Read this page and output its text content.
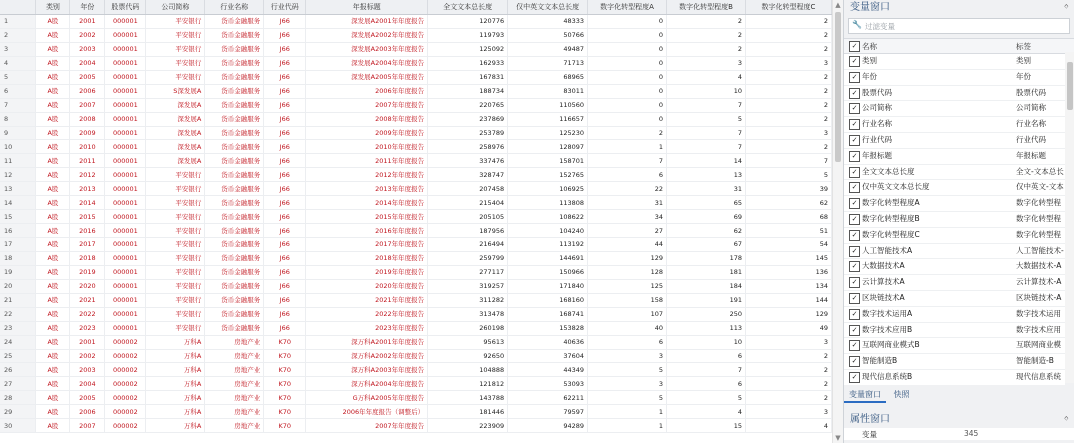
	类别	年份	股票代码	公司简称	行业名称	行业代码	年报标题	全文文本总长度	仅中英文文本总长度	数字化转型程度A	数字化转型程度B	数字化转型程度C
1	A股	2001	000001	平安银行	货币金融服务	J66	深发展A2001年年度报告	120776	48333	0	2	2
2	A股	2002	000001	平安银行	货币金融服务	J66	深发展A2002年年度报告	119793	50766	0	2	2
3	A股	2003	000001	平安银行	货币金融服务	J66	深发展A2003年年度报告	125092	49487	0	2	2
4	A股	2004	000001	平安银行	货币金融服务	J66	深发展A2004年年度报告	162933	71713	0	3	3
5	A股	2005	000001	平安银行	货币金融服务	J66	深发展A2005年年度报告	167831	68965	0	4	2
6	A股	2006	000001	S深发展A	货币金融服务	J66	2006年年度报告	188734	83011	0	10	2
7	A股	2007	000001	深发展A	货币金融服务	J66	2007年年度报告	220765	110560	0	7	2
8	A股	2008	000001	深发展A	货币金融服务	J66	2008年年度报告	237869	116657	0	5	2
9	A股	2009	000001	深发展A	货币金融服务	J66	2009年年度报告	253789	125230	2	7	3
10	A股	2010	000001	深发展A	货币金融服务	J66	2010年年度报告	258976	128097	1	7	2
11	A股	2011	000001	深发展A	货币金融服务	J66	2011年年度报告	337476	158701	7	14	7
12	A股	2012	000001	平安银行	货币金融服务	J66	2012年年度报告	328747	152765	6	13	5
13	A股	2013	000001	平安银行	货币金融服务	J66	2013年年度报告	207458	106925	22	31	39
14	A股	2014	000001	平安银行	货币金融服务	J66	2014年年度报告	215404	113808	31	65	62
15	A股	2015	000001	平安银行	货币金融服务	J66	2015年年度报告	205105	108622	34	69	68
16	A股	2016	000001	平安银行	货币金融服务	J66	2016年年度报告	187956	104240	27	62	51
17	A股	2017	000001	平安银行	货币金融服务	J66	2017年年度报告	216494	113192	44	67	54
18	A股	2018	000001	平安银行	货币金融服务	J66	2018年年度报告	259799	144691	129	178	145
19	A股	2019	000001	平安银行	货币金融服务	J66	2019年年度报告	277117	150966	128	181	136
20	A股	2020	000001	平安银行	货币金融服务	J66	2020年年度报告	319257	171840	125	184	134
21	A股	2021	000001	平安银行	货币金融服务	J66	2021年年度报告	311282	168160	158	191	144
22	A股	2022	000001	平安银行	货币金融服务	J66	2022年年度报告	313478	168741	107	250	129
23	A股	2023	000001	平安银行	货币金融服务	J66	2023年年度报告	260198	153828	40	113	49
24	A股	2001	000002	万科A	房地产业	K70	深万科A2001年年度报告	95613	40636	6	10	3
25	A股	2002	000002	万科A	房地产业	K70	深万科A2002年年度报告	92650	37604	3	6	2
26	A股	2003	000002	万科A	房地产业	K70	深万科A2003年年度报告	104888	44349	5	7	2
27	A股	2004	000002	万科A	房地产业	K70	深万科A2004年年度报告	121812	53093	3	6	2
28	A股	2005	000002	万科A	房地产业	K70	G万科A2005年年度报告	143788	62211	5	5	2
29	A股	2006	000002	万科A	房地产业	K70	2006年年度报告（调整后）	181446	79597	1	4	3
30	A股	2007	000002	万科A	房地产业	K70	2007年年度报告	223909	94289	1	15	4
▲
▼
变量窗口	ᛜ
🔧 过滤变量
✓ 名称	标签
✓ 类别	类别
✓ 年份	年份
✓ 股票代码	股票代码
✓ 公司简称	公司简称
✓ 行业名称	行业名称
✓ 行业代码	行业代码
✓ 年报标题	年报标题
✓ 全文文本总长度	全文-文本总长
✓ 仅中英文文本总长度	仅中英文-文本
✓ 数字化转型程度A	数字化转型程
✓ 数字化转型程度B	数字化转型程
✓ 数字化转型程度C	数字化转型程
✓ 人工智能技术A	人工智能技术-
✓ 大数据技术A	大数据技术-A
✓ 云计算技术A	云计算技术-A
✓ 区块链技术A	区块链技术-A
✓ 数字技术运用A	数字技术运用
✓ 数字技术应用B	数字技术应用
✓ 互联网商业模式B	互联网商业模
✓ 智能制造B	智能制造-B
✓ 现代信息系统B	现代信息系统
变量窗口 快照
属性窗口	ᛜ
变量	345
